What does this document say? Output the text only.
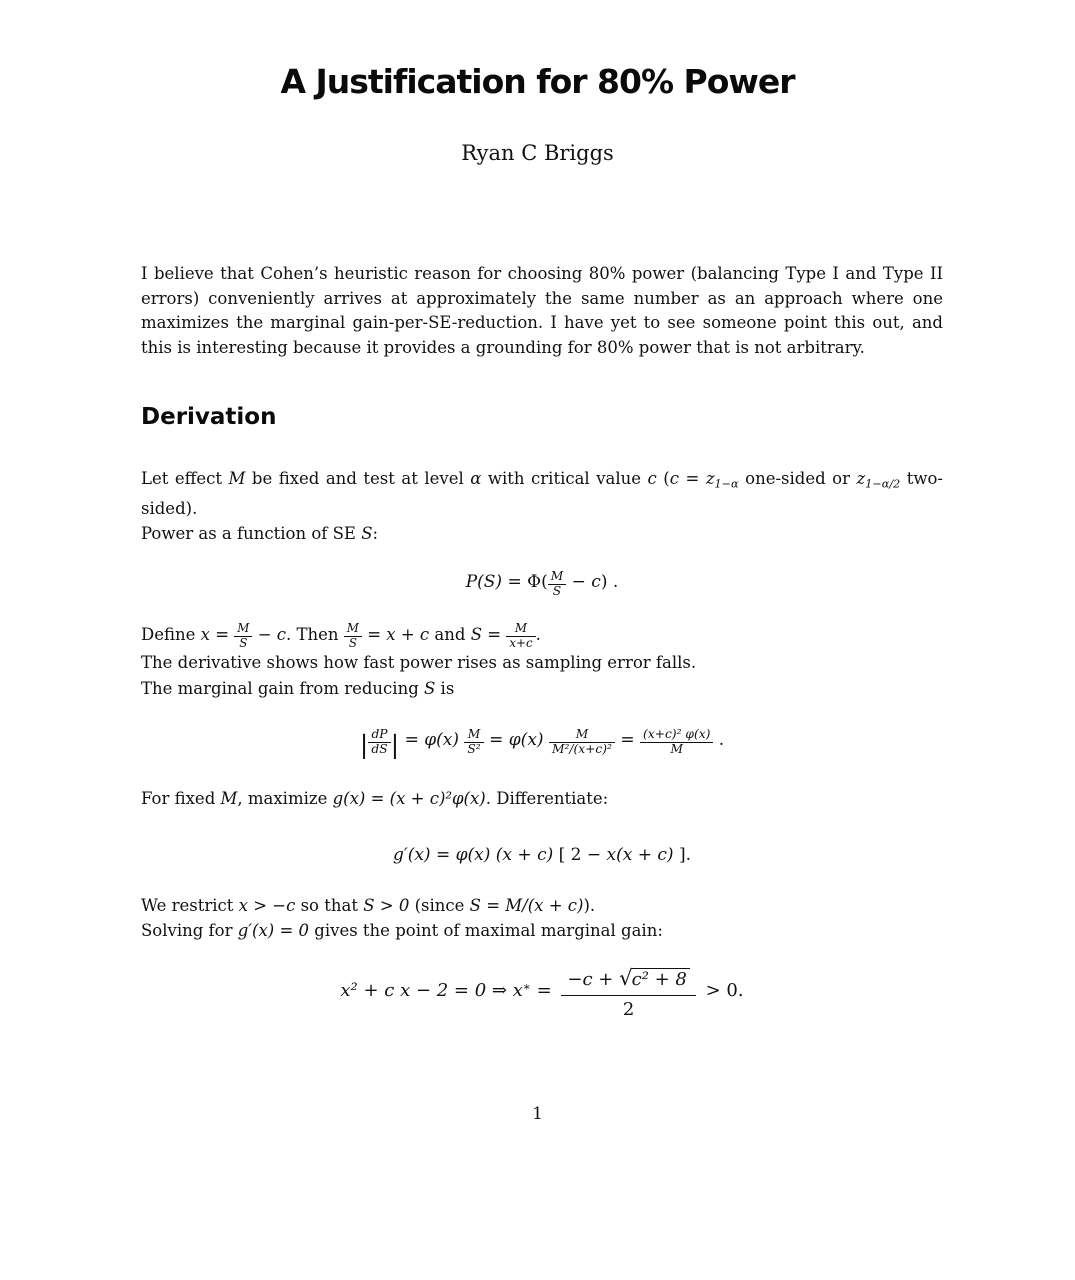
A Justification for 80% Power
Ryan C Briggs

I believe that Cohen’s heuristic reason for choosing 80% power (balancing Type I and Type II errors) conveniently arrives at approximately the same number as an approach where one maximizes the marginal gain-per-SE-reduction. I have yet to see someone point this out, and this is interesting because it provides a grounding for 80% power that is not arbitrary.

Derivation
Let effect M be fixed and test at level α with critical value c ($c = z_{1-\alpha}$ one-sided or $z_{1-\alpha/2}$ two-sided).
Power as a function of SE S:
$P(S) = \Phi( \frac{M}{S} - c)$ .
Define $x = \frac{M}{S} - c$. Then $\frac{M}{S} = x + c$ and $S = \frac{M}{x+c}$ .
The derivative shows how fast power rises as sampling error falls.
The marginal gain from reducing S is
| $\frac{dP}{dS}$ | = $\varphi(x) \frac{M}{\text{S²}} = \varphi(x) \frac{M}{\text{M²/(x+c)²}} = \frac{\text{(x+c)² φ(x)}}{M}$ .
For fixed M, maximize g(x) = (x + c)²φ(x). Differentiate:
g′(x) = φ(x) (x + c) [ 2 − x(x + c) ].
We restrict x > −c so that S > 0 (since S = M/(x + c)).
Solving for g′(x) = 0 gives the point of maximal marginal gain:
x² + c x − 2 = 0 ⇒ $x^∗ = \frac{\text{−c + √c² + 8}}{2} > 0$.
1
